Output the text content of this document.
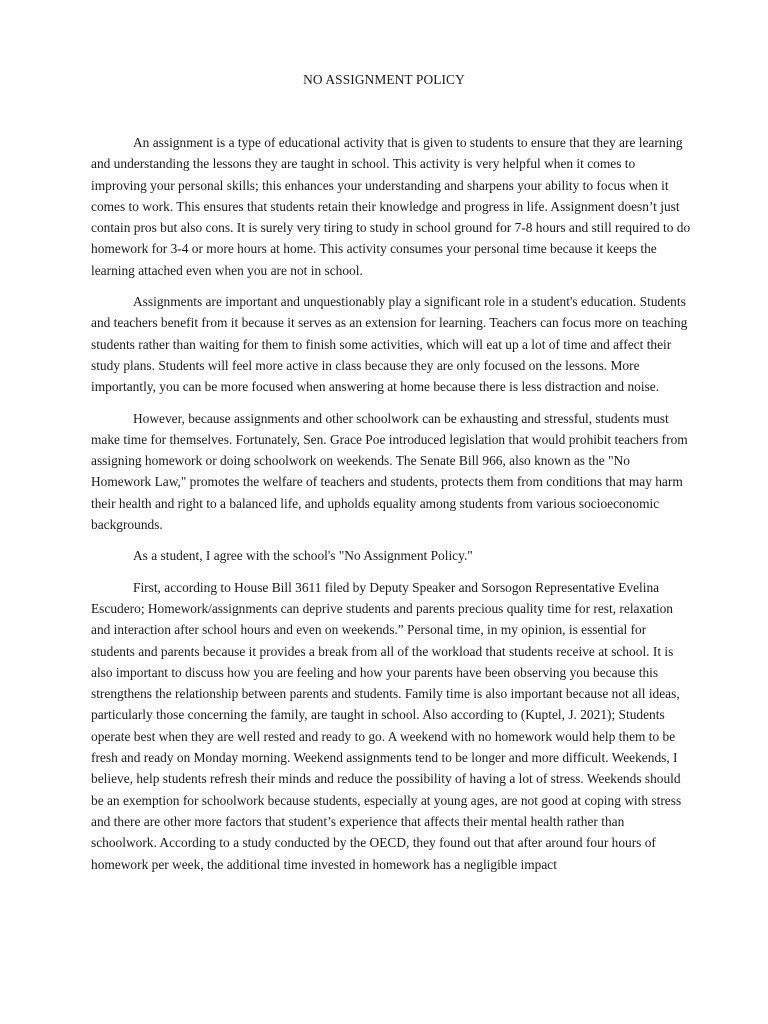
NO ASSIGNMENT POLICY

An assignment is a type of educational activity that is given to students to ensure that they are learning and understanding the lessons they are taught in school. This activity is very helpful when it comes to improving your personal skills; this enhances your understanding and sharpens your ability to focus when it comes to work. This ensures that students retain their knowledge and progress in life. Assignment doesn’t just contain pros but also cons. It is surely very tiring to study in school ground for 7-8 hours and still required to do homework for 3-4 or more hours at home. This activity consumes your personal time because it keeps the learning attached even when you are not in school.

Assignments are important and unquestionably play a significant role in a student's education. Students and teachers benefit from it because it serves as an extension for learning. Teachers can focus more on teaching students rather than waiting for them to finish some activities, which will eat up a lot of time and affect their study plans. Students will feel more active in class because they are only focused on the lessons. More importantly, you can be more focused when answering at home because there is less distraction and noise.

However, because assignments and other schoolwork can be exhausting and stressful, students must make time for themselves. Fortunately, Sen. Grace Poe introduced legislation that would prohibit teachers from assigning homework or doing schoolwork on weekends. The Senate Bill 966, also known as the "No Homework Law," promotes the welfare of teachers and students, protects them from conditions that may harm their health and right to a balanced life, and upholds equality among students from various socioeconomic backgrounds.

As a student, I agree with the school's "No Assignment Policy."

First, according to House Bill 3611 filed by Deputy Speaker and Sorsogon Representative Evelina Escudero; Homework/assignments can deprive students and parents precious quality time for rest, relaxation and interaction after school hours and even on weekends.” Personal time, in my opinion, is essential for students and parents because it provides a break from all of the workload that students receive at school. It is also important to discuss how you are feeling and how your parents have been observing you because this strengthens the relationship between parents and students. Family time is also important because not all ideas, particularly those concerning the family, are taught in school. Also according to (Kuptel, J. 2021); Students operate best when they are well rested and ready to go. A weekend with no homework would help them to be fresh and ready on Monday morning. Weekend assignments tend to be longer and more difficult. Weekends, I believe, help students refresh their minds and reduce the possibility of having a lot of stress. Weekends should be an exemption for schoolwork because students, especially at young ages, are not good at coping with stress and there are other more factors that student’s experience that affects their mental health rather than schoolwork. According to a study conducted by the OECD, they found out that after around four hours of homework per week, the additional time invested in homework has a negligible impact
